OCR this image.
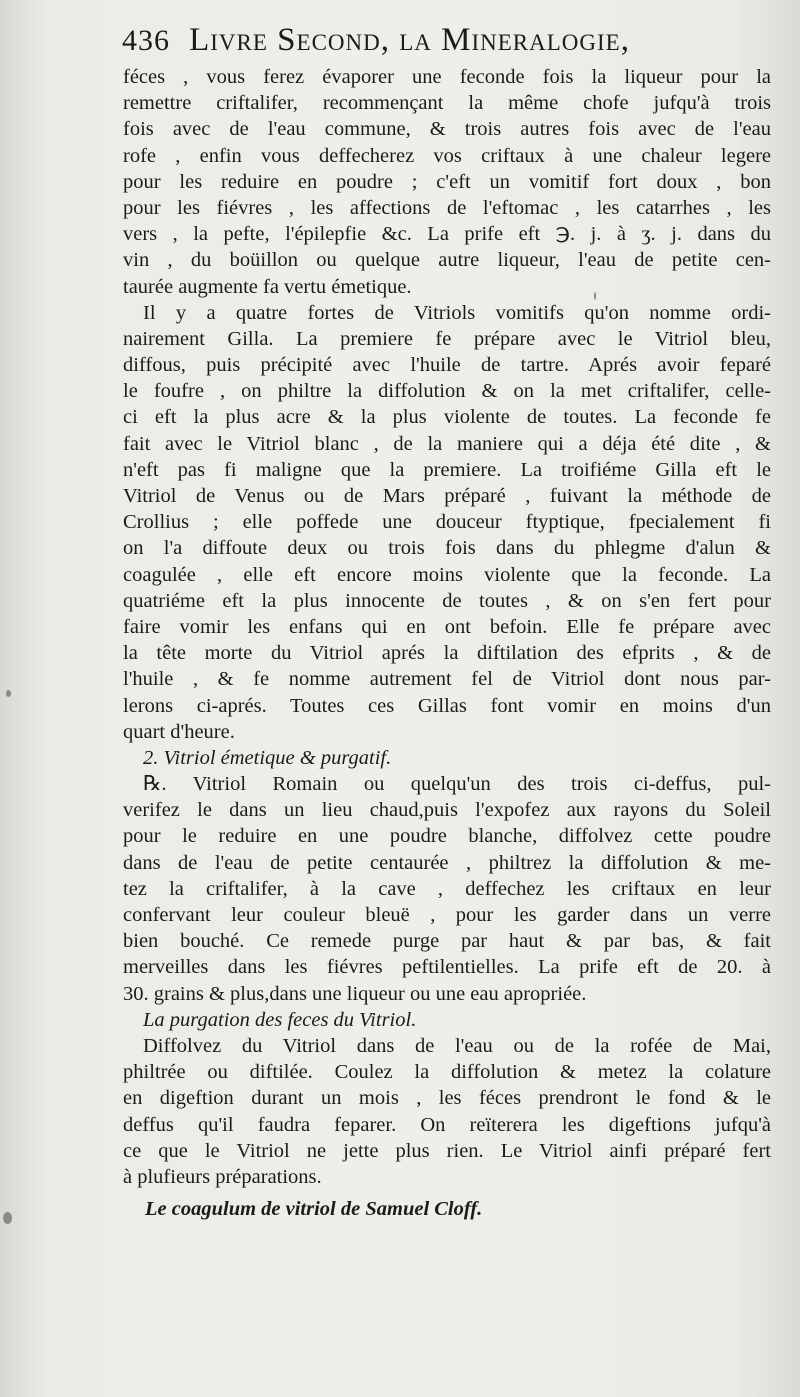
436 Livre Second, la Mineralogie,
féces , vous ferez évaporer une feconde fois la liqueur pour la
remettre criftalifer, recommençant la même chofe jufqu'à trois
fois avec de l'eau commune, & trois autres fois avec de l'eau
rofe , enfin vous deffecherez vos criftaux à une chaleur legere
pour les reduire en poudre ; c'eft un vomitif fort doux , bon
pour les fiévres , les affections de l'eftomac , les catarrhes , les
vers , la pefte, l'épilepfie &c. La prife eft ℈. j. à ʒ. j. dans du
vin , du boüillon ou quelque autre liqueur, l'eau de petite cen-
taurée augmente fa vertu émetique.
Il y a quatre fortes de Vitriols vomitifs qu'on nomme ordi-
nairement Gilla. La premiere fe prépare avec le Vitriol bleu,
diffous, puis précipité avec l'huile de tartre. Aprés avoir feparé
le foufre , on philtre la diffolution & on la met criftalifer, celle-
ci eft la plus acre & la plus violente de toutes. La feconde fe
fait avec le Vitriol blanc , de la maniere qui a déja été dite , &
n'eft pas fi maligne que la premiere. La troifiéme Gilla eft le
Vitriol de Venus ou de Mars préparé , fuivant la méthode de
Crollius ; elle poffede une douceur ftyptique, fpecialement fi
on l'a diffoute deux ou trois fois dans du phlegme d'alun &
coagulée , elle eft encore moins violente que la feconde. La
quatriéme eft la plus innocente de toutes , & on s'en fert pour
faire vomir les enfans qui en ont befoin. Elle fe prépare avec
la tête morte du Vitriol aprés la diftilation des efprits , & de
l'huile , & fe nomme autrement fel de Vitriol dont nous par-
lerons ci-aprés. Toutes ces Gillas font vomir en moins d'un
quart d'heure.
2. Vitriol émetique & purgatif.
℞. Vitriol Romain ou quelqu'un des trois ci-deffus, pul-
verifez le dans un lieu chaud,puis l'expofez aux rayons du Soleil
pour le reduire en une poudre blanche, diffolvez cette poudre
dans de l'eau de petite centaurée , philtrez la diffolution & me-
tez la criftalifer, à la cave , deffechez les criftaux en leur
confervant leur couleur bleuë , pour les garder dans un verre
bien bouché. Ce remede purge par haut & par bas, & fait
merveilles dans les fiévres peftilentielles. La prife eft de 20. à
30. grains & plus,dans une liqueur ou une eau apropriée.
La purgation des feces du Vitriol.
Diffolvez du Vitriol dans de l'eau ou de la rofée de Mai,
philtrée ou diftilée. Coulez la diffolution & metez la colature
en digeftion durant un mois , les féces prendront le fond & le
deffus qu'il faudra feparer. On reïterera les digeftions jufqu'à
ce que le Vitriol ne jette plus rien. Le Vitriol ainfi préparé fert
à plufieurs préparations.
Le coagulum de vitriol de Samuel Cloff.
